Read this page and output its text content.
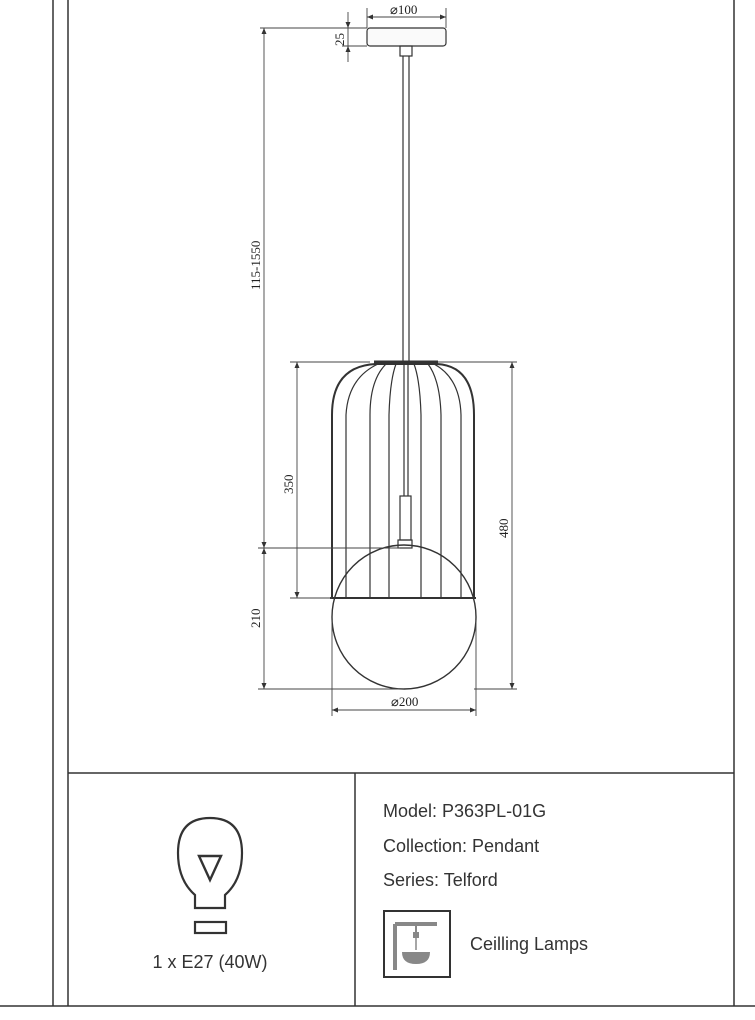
⌀100
25
115-1550
350
480
210
⌀200
1 x E27 (40W)
Model: P363PL-01G
Collection: Pendant
Series: Telford
Ceilling Lamps
